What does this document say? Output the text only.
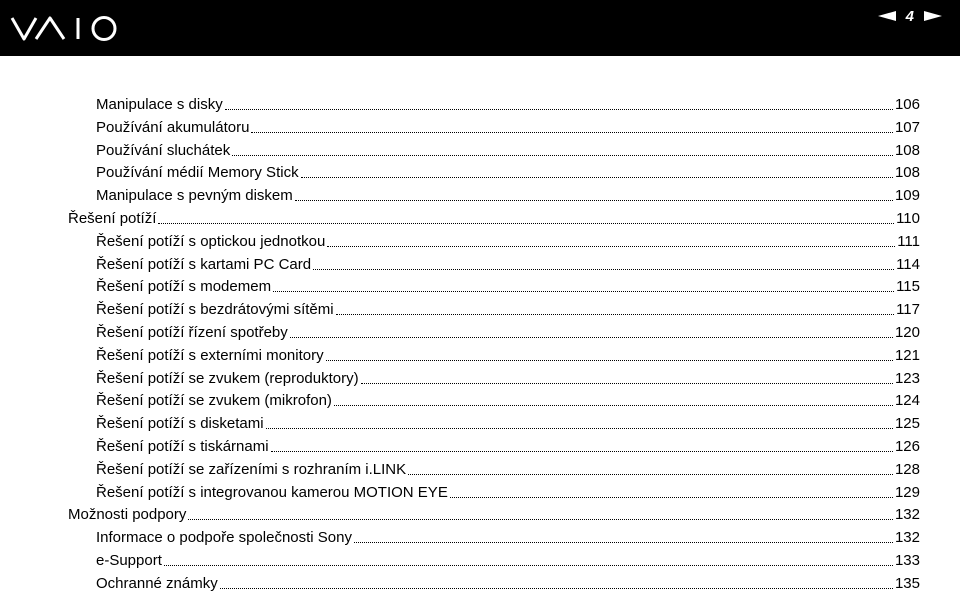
4
Manipulace s disky	106
Používání akumulátoru	107
Používání sluchátek	108
Používání médií Memory Stick	108
Manipulace s pevným diskem	109
Řešení potíží	110
Řešení potíží s optickou jednotkou	111
Řešení potíží s kartami PC Card	114
Řešení potíží s modemem	115
Řešení potíží s bezdrátovými sítěmi	117
Řešení potíží řízení spotřeby	120
Řešení potíží s externími monitory	121
Řešení potíží se zvukem (reproduktory)	123
Řešení potíží se zvukem (mikrofon)	124
Řešení potíží s disketami	125
Řešení potíží s tiskárnami	126
Řešení potíží se zařízeními s rozhraním i.LINK	128
Řešení potíží s integrovanou kamerou MOTION EYE	129
Možnosti podpory	132
Informace o podpoře společnosti Sony	132
e-Support	133
Ochranné známky	135
